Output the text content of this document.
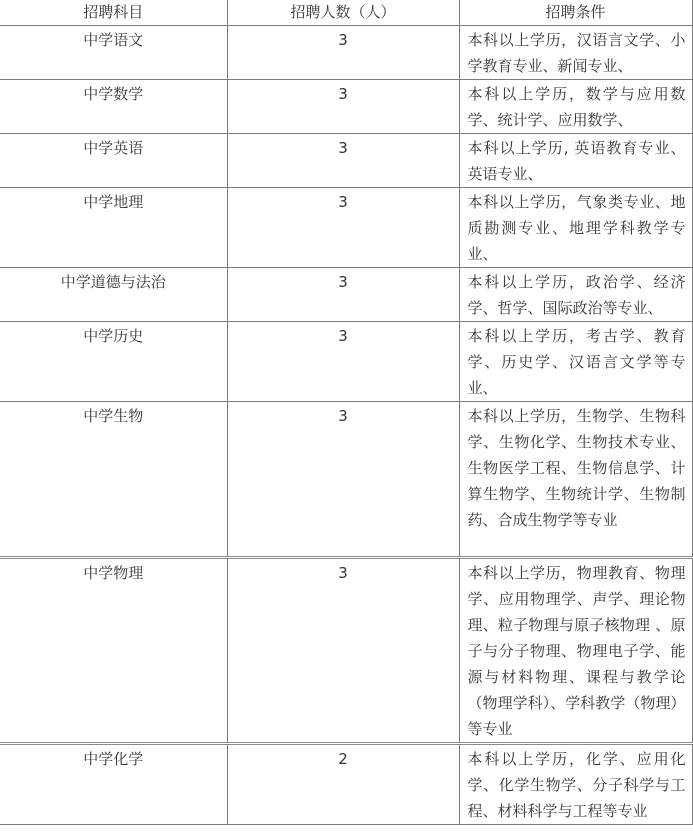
招聘科目	招聘人数（人）	招聘条件
中学语文	3	本科以上学历，汉语言文学、小学教育专业、新闻专业、
中学数学	3	本科以上学历，数学与应用数学、统计学、应用数学、
中学英语	3	本科以上学历, 英语教育专业、英语专业、
中学地理	3	本科以上学历，气象类专业、地质勘测专业、地理学科教学专业、
中学道德与法治	3	本科以上学历，政治学、经济学、哲学、国际政治等专业、
中学历史	3	本科以上学历，考古学、教育学、历史学、汉语言文学等专业、
中学生物	3	本科以上学历，生物学、生物科学、生物化学、生物技术专业、生物医学工程、生物信息学、计算生物学、生物统计学、生物制药、合成生物学等专业
中学物理	3	本科以上学历，物理教育、物理学、应用物理学、声学、理论物理、粒子物理与原子核物理 、原子与分子物理、物理电子学、能源与材料物理、课程与教学论（物理学科）、学科教学（物理）等专业
中学化学	2	本科以上学历，化学、应用化学、化学生物学、分子科学与工程、材料科学与工程等专业
